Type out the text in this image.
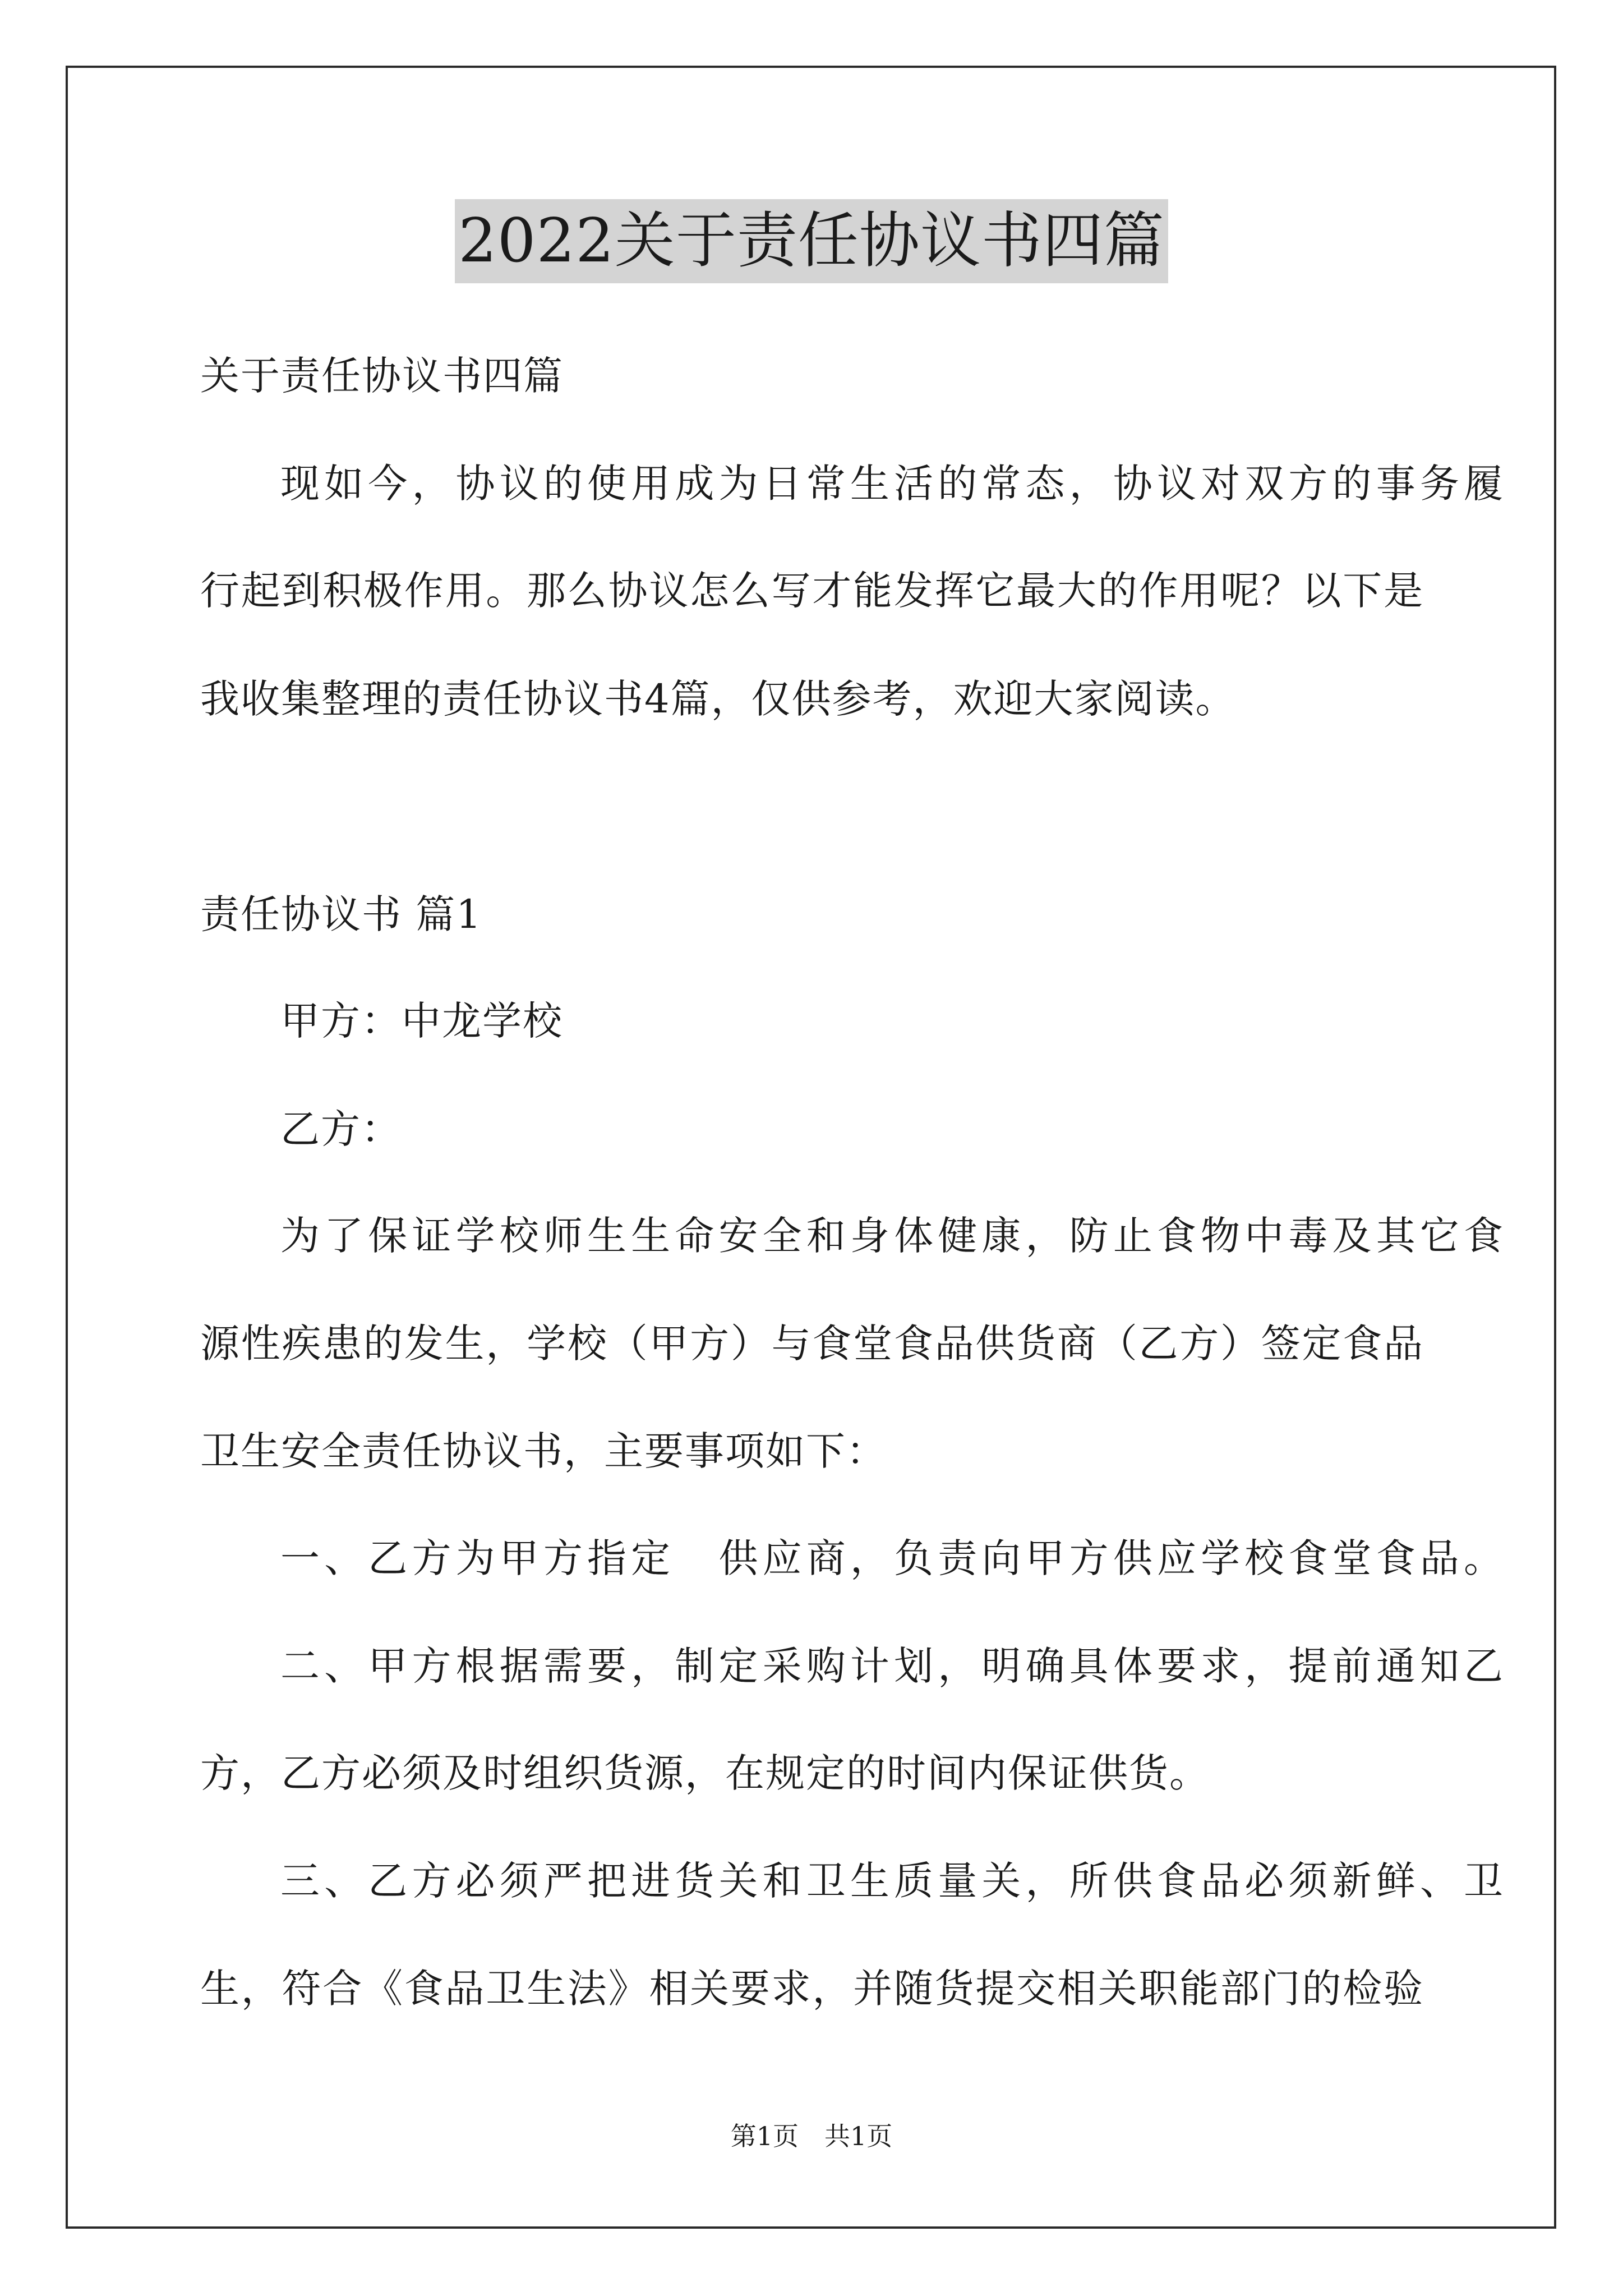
2022关于责任协议书四篇
关于责任协议书四篇
现如今，协议的使用成为日常生活的常态，协议对双方的事务履
行起到积极作用。那么协议怎么写才能发挥它最大的作用呢？以下是
我收集整理的责任协议书4篇，仅供参考，欢迎大家阅读。
责任协议书 篇1
甲方：中龙学校
乙方：
为了保证学校师生生命安全和身体健康，防止食物中毒及其它食
源性疾患的发生，学校（甲方）与食堂食品供货商（乙方）签定食品
卫生安全责任协议书，主要事项如下：
一、乙方为甲方指定　供应商，负责向甲方供应学校食堂食品。
二、甲方根据需要，制定采购计划，明确具体要求，提前通知乙
方，乙方必须及时组织货源，在规定的时间内保证供货。
三、乙方必须严把进货关和卫生质量关，所供食品必须新鲜、卫
生，符合《食品卫生法》相关要求，并随货提交相关职能部门的检验
第1页　共1页
